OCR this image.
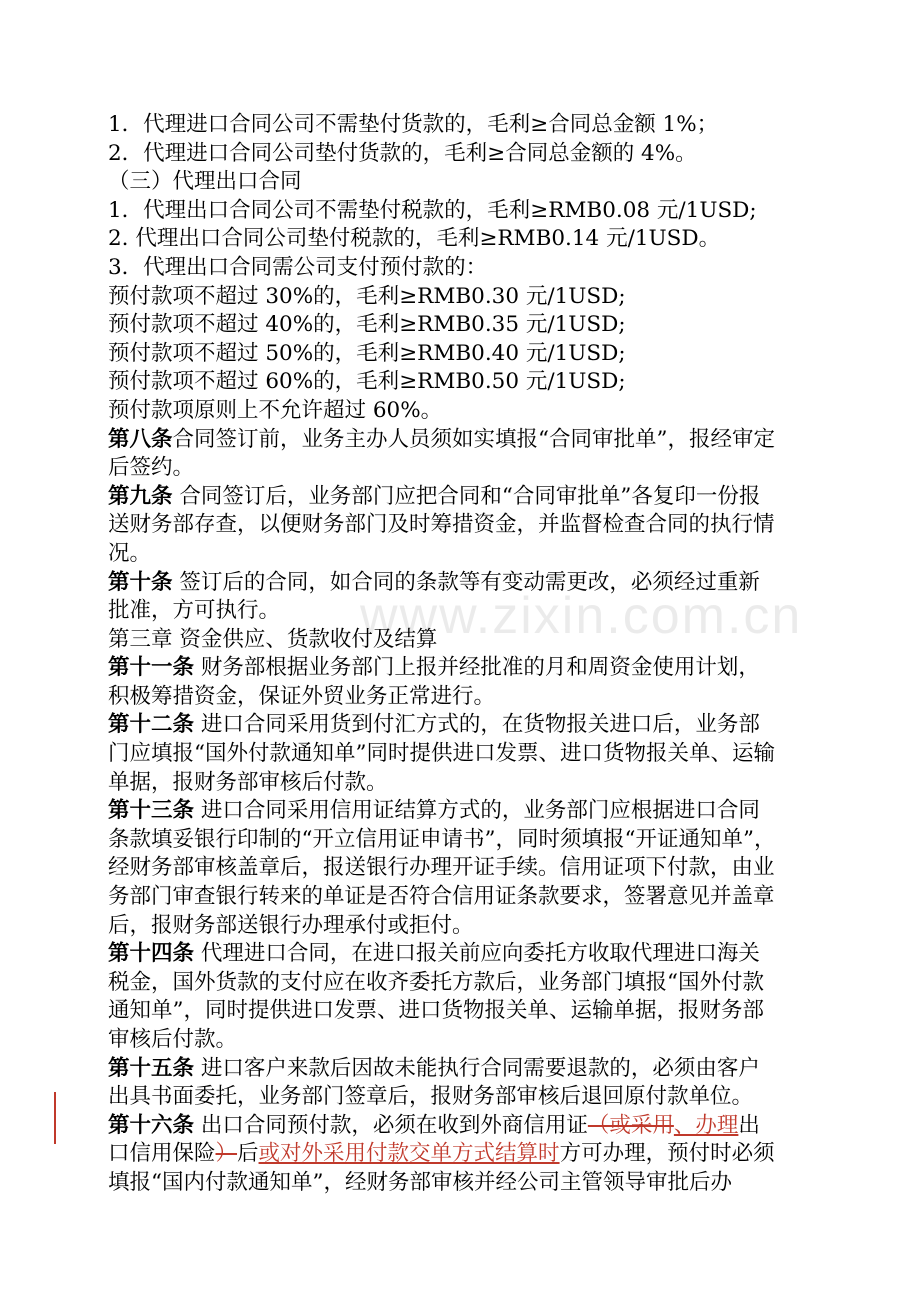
www.zixin.com.cn

1．代理进口合同公司不需垫付货款的，毛利≥合同总金额 1%；

2．代理进口合同公司垫付货款的，毛利≥合同总金额的 4%。

（三）代理出口合同

1．代理出口合同公司不需垫付税款的，毛利≥RMB0.08 元/1USD;

2. 代理出口合同公司垫付税款的，毛利≥RMB0.14 元/1USD。

3．代理出口合同需公司支付预付款的：

预付款项不超过 30%的，毛利≥RMB0.30 元/1USD;

预付款项不超过 40%的，毛利≥RMB0.35 元/1USD;

预付款项不超过 50%的，毛利≥RMB0.40 元/1USD;

预付款项不超过 60%的，毛利≥RMB0.50 元/1USD;

预付款项原则上不允许超过 60%。

第八条合同签订前，业务主办人员须如实填报“合同审批单”，报经审定后签约。

第九条 合同签订后，业务部门应把合同和“合同审批单”各复印一份报送财务部存查，以便财务部门及时筹措资金，并监督检查合同的执行情况。

第十条 签订后的合同，如合同的条款等有变动需更改，必须经过重新批准，方可执行。

第三章 资金供应、货款收付及结算

第十一条 财务部根据业务部门上报并经批准的月和周资金使用计划，积极筹措资金，保证外贸业务正常进行。

第十二条 进口合同采用货到付汇方式的，在货物报关进口后，业务部门应填报“国外付款通知单”同时提供进口发票、进口货物报关单、运输单据，报财务部审核后付款。

第十三条 进口合同采用信用证结算方式的，业务部门应根据进口合同条款填妥银行印制的“开立信用证申请书”，同时须填报“开证通知单”，经财务部审核盖章后，报送银行办理开证手续。信用证项下付款，由业务部门审查银行转来的单证是否符合信用证条款要求，签署意见并盖章后，报财务部送银行办理承付或拒付。

第十四条 代理进口合同，在进口报关前应向委托方收取代理进口海关税金，国外货款的支付应在收齐委托方款后，业务部门填报“国外付款通知单”，同时提供进口发票、进口货物报关单、运输单据，报财务部审核后付款。

第十五条 进口客户来款后因故未能执行合同需要退款的，必须由客户出具书面委托，业务部门签章后，报财务部审核后退回原付款单位。

第十六条 出口合同预付款，必须在收到外商信用证（或采用、办理出口信用保险）后或对外采用付款交单方式结算时方可办理，预付时必须填报“国内付款通知单”，经财务部审核并经公司主管领导审批后办
